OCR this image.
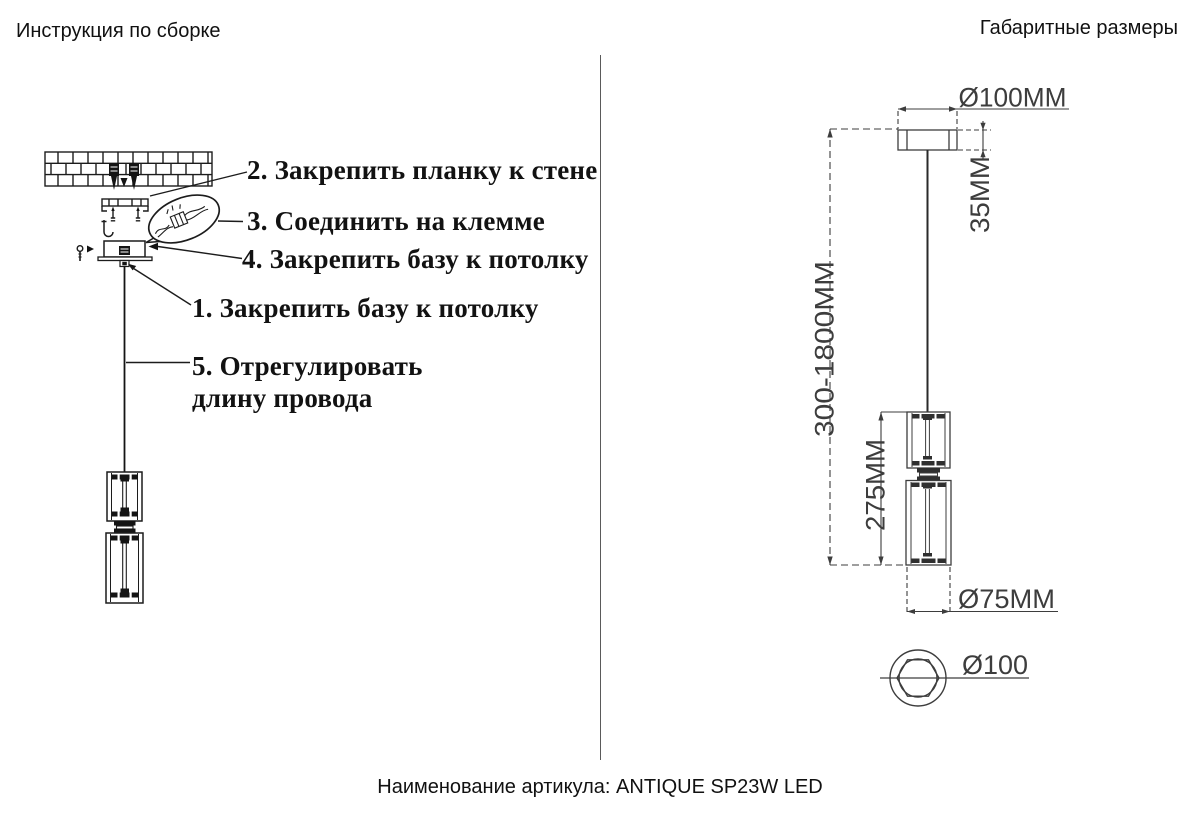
Инструкция по сборке	Габаритные размеры
Ø100MM
35MM
300-1800MM
275MM
Ø75MM
Ø100
2. Закрепить планку к стене
3. Соединить на клемме
4. Закрепить базу к потолку
1. Закрепить базу к потолку
5. Отрегулировать
длину провода
Наименование артикула: ANTIQUE SP23W LED
